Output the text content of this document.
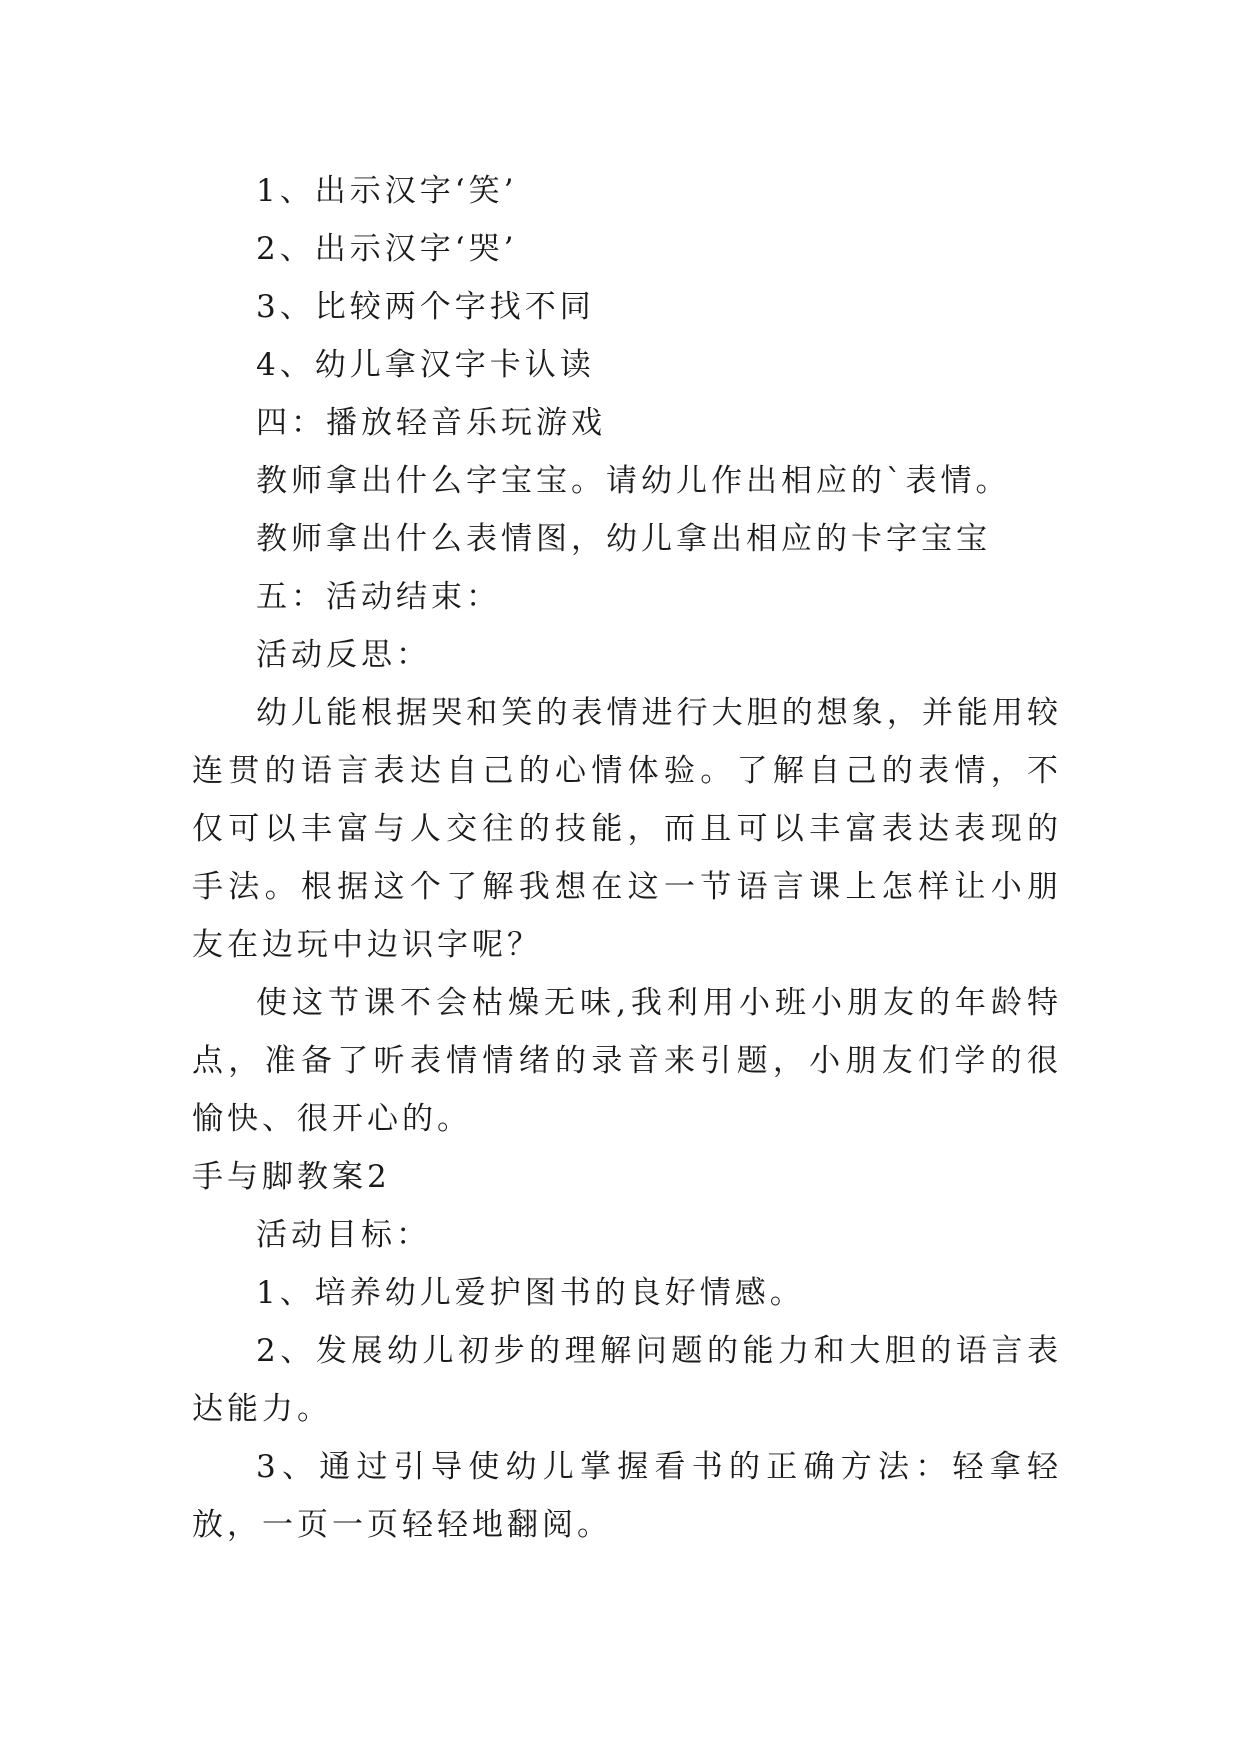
1、出示汉字‘笑’
2、出示汉字‘哭’
3、比较两个字找不同
4、幼儿拿汉字卡认读
四：播放轻音乐玩游戏
教师拿出什么字宝宝。请幼儿作出相应的`表情。
教师拿出什么表情图，幼儿拿出相应的卡字宝宝
五：活动结束：
活动反思：

幼儿能根据哭和笑的表情进行大胆的想象，并能用较连贯的语言表达自己的心情体验。了解自己的表情，不仅可以丰富与人交往的技能，而且可以丰富表达表现的手法。根据这个了解我想在这一节语言课上怎样让小朋友在边玩中边识字呢？

使这节课不会枯燥无味,我利用小班小朋友的年龄特点，准备了听表情情绪的录音来引题，小朋友们学的很愉快、很开心的。

手与脚教案2
活动目标：

1、培养幼儿爱护图书的良好情感。

2、发展幼儿初步的理解问题的能力和大胆的语言表达能力。

3、通过引导使幼儿掌握看书的正确方法：轻拿轻放，一页一页轻轻地翻阅。
